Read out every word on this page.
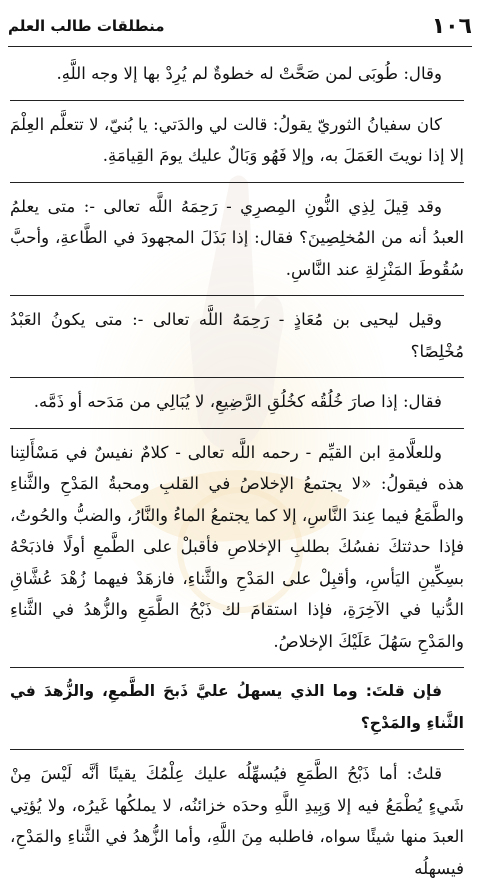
١٠٦
منطلقات طالب العلم

وقال: طُوبَى لمن صَحَّتْ له خطوةٌ لم يُرِدْ بها إلا وجه اللَّهِ.

كان سفيانُ الثوريّ يقولُ: قالت لي والدَتي: يا بُنيّ، لا تتعلَّم العِلْمَ إلا إذا نويتَ العَمَلَ به، وإلا فَهُو وَبَالٌ عليك يومَ القِيامَةِ.

وقد قِيلَ لِذِي النُّونِ المِصرِي - رَحِمَهُ اللَّه تعالى -: متى يعلمُ العبدُ أنه من المُخلِصِينَ؟ فقال: إذا بَذَلَ المجهودَ في الطَّاعةِ، وأحبَّ سُقُوطَ المَنْزِلةِ عند النَّاسِ.

وقيل ليحيى بن مُعَاذٍ - رَحِمَهُ اللَّه تعالى -: متى يكونُ العَبْدُ مُخْلِصًا؟

فقال: إذا صارَ خُلُقُه كخُلُقِ الرَّضِيعِ، لا يُبَالِي من مَدَحه أو ذَمَّه.

وللعلَّامةِ ابن القيِّم - رحمه اللَّه تعالى - كلامٌ نفيسٌ في مَسْأَلتِنا هذه فيقولُ: «لا يجتمعُ الإخلاصُ في القلبِ ومحبةُ المَدْحِ والثَّناءِ والطَّمَعُ فيما عِندَ النَّاسِ، إلا كما يجتمعُ الماءُ والنَّارُ، والضبُّ والحُوتُ، فإذا حدثتكَ نفسُكَ بطلبِ الإخلاصِ فأقبلْ على الطَّمعِ أولًا فاذبَحْهُ بسِكِّينِ اليَأسِ، وأقبِلْ على المَدْحِ والثَّناءِ، فازهَدْ فيهما زُهْدَ عُشَّاقِ الدُّنيا في الآخِرَةِ، فإذا استقامَ لك ذَبْحُ الطَّمَعِ والزُّهدُ في الثَّناءِ والمَدْحِ سَهُلَ عَلَيْكَ الإخلاصُ.

فإن قلتَ: وما الذي يسهلُ عليَّ ذَبحَ الطَّمعِ، والزُّهدَ في الثَّناءِ والمَدْحِ؟

قلتُ: أما ذَبْحُ الطَّمَعِ فيُسهِّلُه عليك عِلْمُكَ يقينًا أنَّه لَيْسَ مِنْ شَيءٍ يُطْمَعُ فيه إلا وَبِيدِ اللَّهِ وحدَه خزائنُه، لا يملكُها غَيرُه، ولا يُؤتِي العبدَ منها شيئًا سواه، فاطلبه مِنَ اللَّهِ، وأما الزُّهدُ في الثَّناءِ والمَدْحِ، فيسهلُه
